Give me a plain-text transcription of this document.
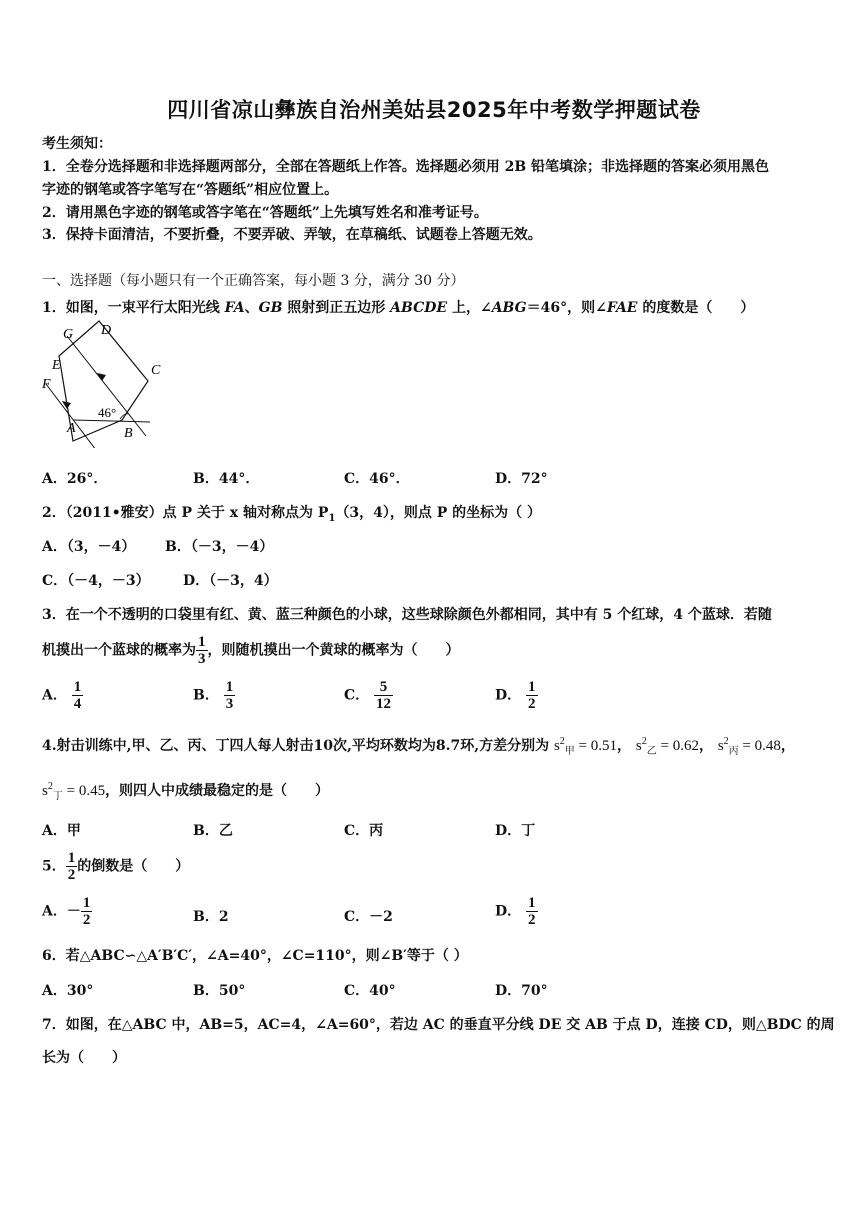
四川省凉山彝族自治州美姑县2025年中考数学押题试卷
考生须知：
1．全卷分选择题和非选择题两部分，全部在答题纸上作答。选择题必须用 2B 铅笔填涂；非选择题的答案必须用黑色
字迹的钢笔或答字笔写在“答题纸”相应位置上。
2．请用黑色字迹的钢笔或答字笔在“答题纸”上先填写姓名和准考证号。
3．保持卡面清洁，不要折叠，不要弄破、弄皱，在草稿纸、试题卷上答题无效。
一、选择题（每小题只有一个正确答案，每小题 3 分，满分 30 分）
1．如图，一束平行太阳光线 FA、GB 照射到正五边形 ABCDE 上，∠ABG＝46°，则∠FAE 的度数是（　　）
G D
E	C
F
A	B
46°
A．26°．	B．44°．	C．46°．	D．72°
2．（2011•雅安）点 P 关于 x 轴对称点为 $P_1(3$，4），则点 P 的坐标为（ ）
A．（3，－4） B．（－3，－4）
C．（－4，－3） D．（－3，4）
3．在一个不透明的口袋里有红、黄、蓝三种颜色的小球，这些球除颜色外都相同，其中有 5 个红球，4 个蓝球．若随
机摸出一个蓝球的概率为 $\frac{1}{3}$ ，则随机摸出一个黄球的概率为（　　）
A． $\frac{1}{4}$	B． $\frac{1}{3}$	C． $\frac{5}{12}$	D． $\frac{1}{2}$
4.射击训练中,甲、乙、丙、丁四人每人射击10次,平均环数均为8.7环,方差分别为 $s^2_甲 = 0.51$， $s^2_乙 = 0.62$， $s^2_丙 = 0.48$，
$s^2_丁 = 0.45$，则四人中成绩最稳定的是（　　）
A．甲	B．乙	C．丙	D．丁
5． $\frac{1}{2}$ 的倒数是（　　）
A．－ $\frac{1}{2}$	B．2	C．－2	D． $\frac{1}{2}$
6．若△ABC∽△A′B′C′，∠A=40°，∠C=110°，则∠B′等于（ ）
A．30°	B．50°	C．40°	D．70°
7．如图，在△ABC 中，AB=5，AC=4，∠A=60°，若边 AC 的垂直平分线 DE 交 AB 于点 D，连接 CD，则△BDC 的周
长为（　　）
